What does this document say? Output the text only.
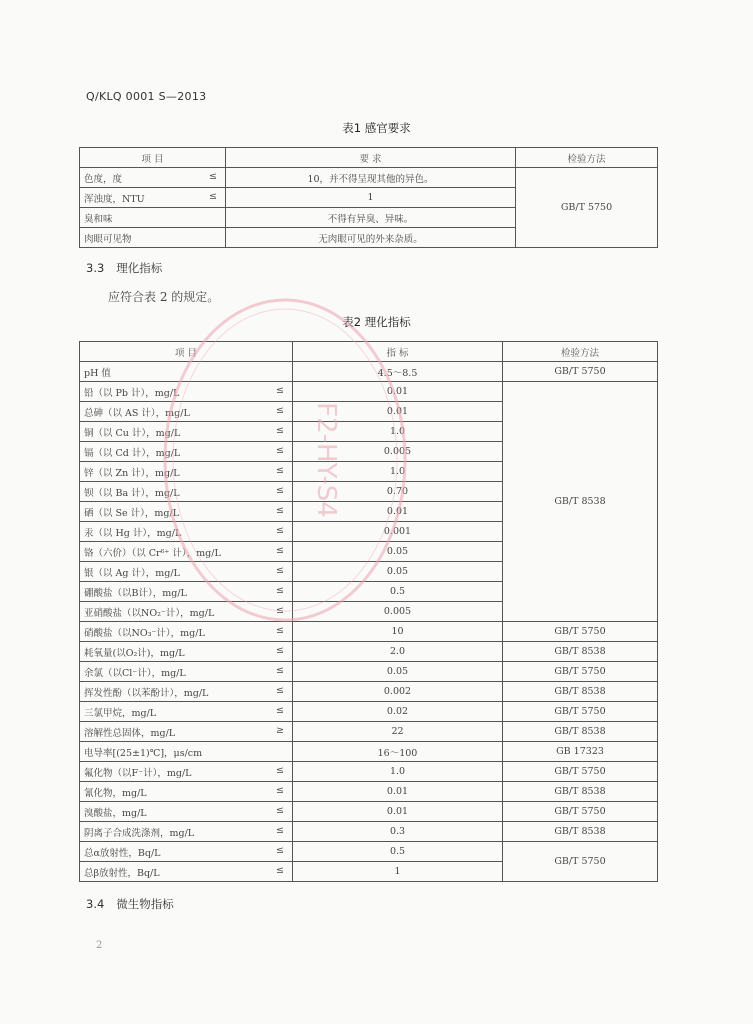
Q/KLQ 0001 S—2013
表1 感官要求
项 目	要 求	检验方法
色度，度 ≤	10，并不得呈现其他的异色。	GB/T 5750
浑浊度，NTU ≤	1	
臭和味	不得有异臭、异味。	
肉眼可见物	无肉眼可见的外来杂质。	
3.3 理化指标
应符合表 2 的规定。
表2 理化指标
项 目	指 标	检验方法
pH 值	4.5～8.5	GB/T 5750
铅（以 Pb 计），mg/L ≤	0.01	GB/T 8538
总砷（以 AS 计），mg/L ≤	0.01	
铜（以 Cu 计），mg/L ≤	1.0	
镉（以 Cd 计），mg/L ≤	0.005	
锌（以 Zn 计），mg/L ≤	1.0	
钡（以 Ba 计），mg/L ≤	0.70	
硒（以 Se 计），mg/L ≤	0.01	
汞（以 Hg 计），mg/L ≤	0.001	
铬（六价）（以 Cr⁶⁺ 计），mg/L ≤	0.05	
银（以 Ag 计），mg/L ≤	0.05	
硼酸盐（以B计），mg/L ≤	0.5	
亚硝酸盐（以NO₂⁻计），mg/L ≤	0.005	
硝酸盐（以NO₃⁻计），mg/L ≤	10	GB/T 5750
耗氧量(以O₂计)，mg/L ≤	2.0	GB/T 8538
余氯（以Cl⁻计），mg/L ≤	0.05	GB/T 5750
挥发性酚（以苯酚计），mg/L ≤	0.002	GB/T 8538
三氯甲烷，mg/L ≤	0.02	GB/T 5750
溶解性总固体，mg/L ≥	22	GB/T 8538
电导率[(25±1)℃]，μs/cm	16～100	GB 17323
氟化物（以F⁻计），mg/L ≤	1.0	GB/T 5750
氰化物，mg/L ≤	0.01	GB/T 8538
溴酸盐，mg/L ≤	0.01	GB/T 5750
阴离子合成洗涤剂，mg/L ≤	0.3	GB/T 8538
总α放射性，Bq/L ≤	0.5	GB/T 5750
总β放射性，Bq/L ≤	1	
3.4 微生物指标
2
F2-HY-S4
